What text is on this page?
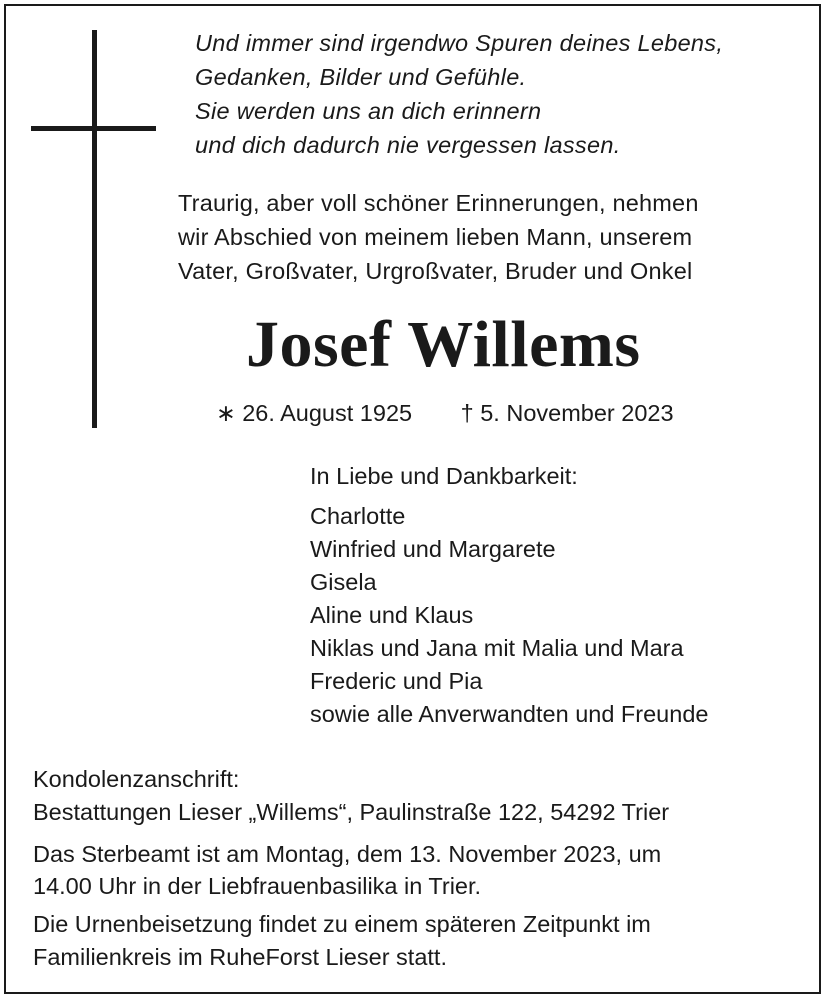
Und immer sind irgendwo Spuren deines Lebens,
Gedanken, Bilder und Gefühle.
Sie werden uns an dich erinnern
und dich dadurch nie vergessen lassen.
Traurig, aber voll schöner Erinnerungen, nehmen
wir Abschied von meinem lieben Mann, unserem
Vater, Großvater, Urgroßvater, Bruder und Onkel
Josef Willems
∗ 26. August 1925 † 5. November 2023
In Liebe und Dankbarkeit:
Charlotte
Winfried und Margarete
Gisela
Aline und Klaus
Niklas und Jana mit Malia und Mara
Frederic und Pia
sowie alle Anverwandten und Freunde
Kondolenzanschrift:
Bestattungen Lieser „Willems“, Paulinstraße 122, 54292 Trier
Das Sterbeamt ist am Montag, dem 13. November 2023, um
14.00 Uhr in der Liebfrauenbasilika in Trier.
Die Urnenbeisetzung findet zu einem späteren Zeitpunkt im
Familienkreis im RuheForst Lieser statt.
